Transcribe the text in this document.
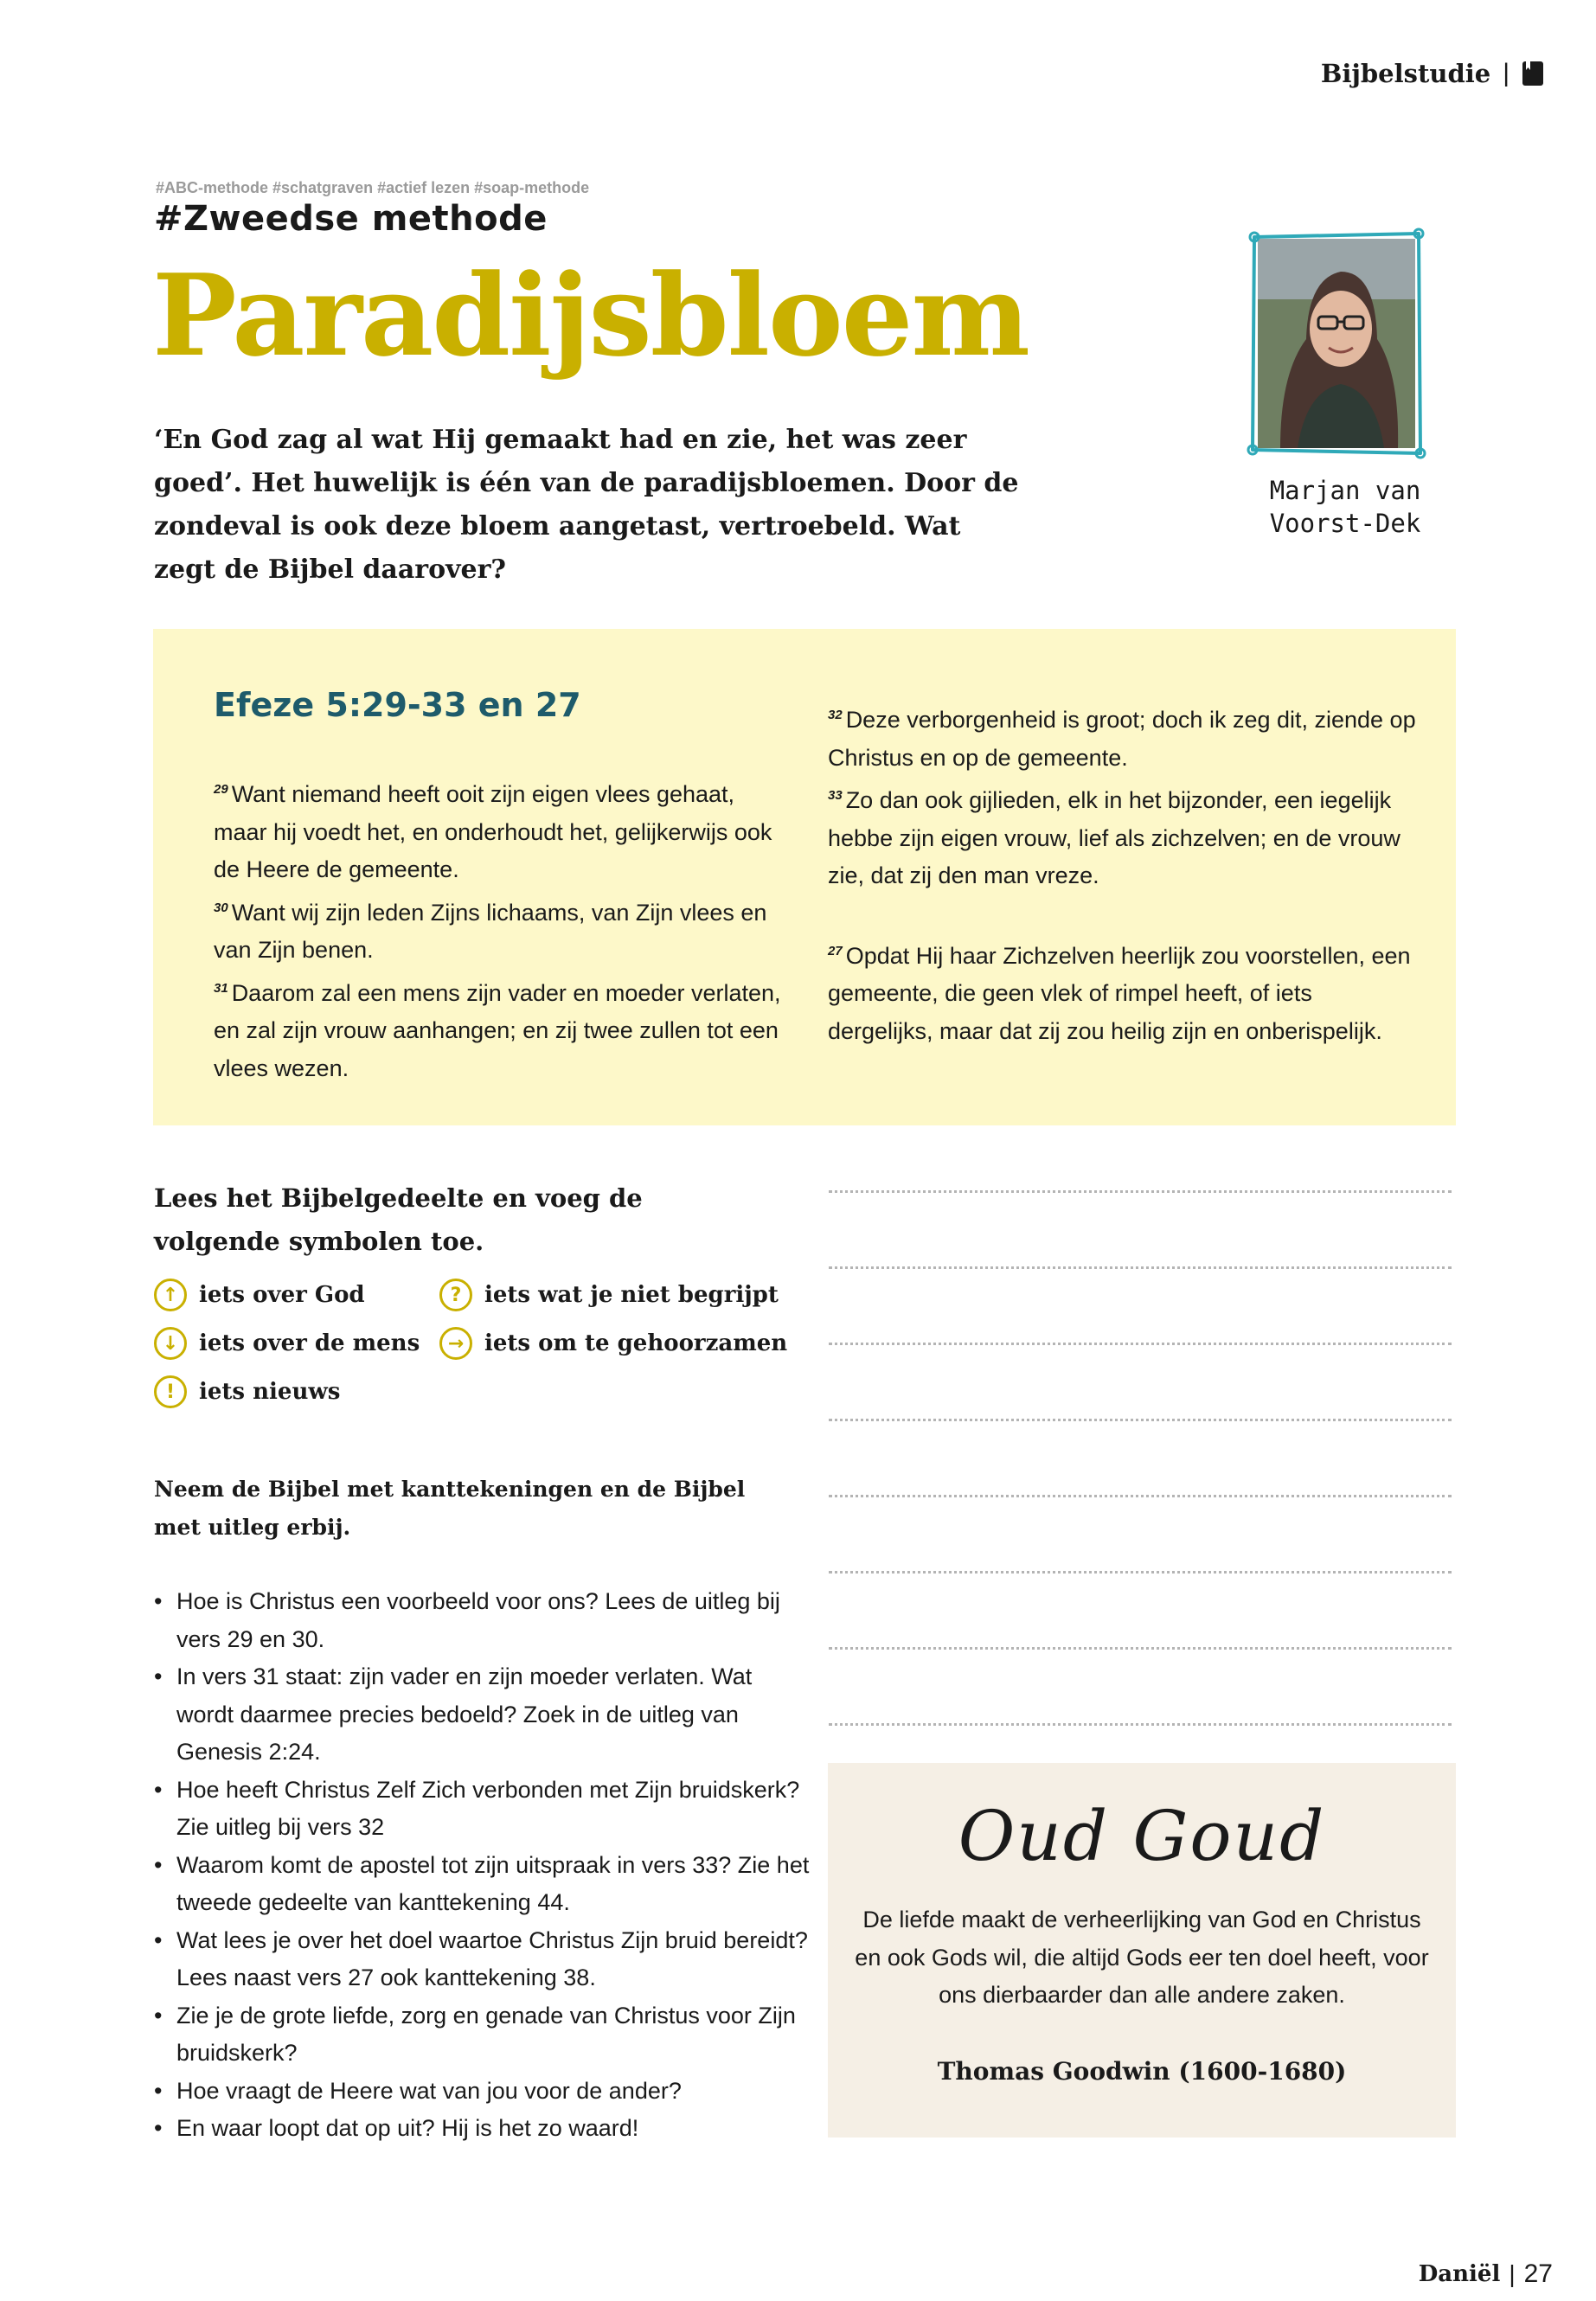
Bijbelstudie |
#ABC-methode #schatgraven #actief lezen #soap-methode
#Zweedse methode
Paradijsbloem
‘En God zag al wat Hij gemaakt had en zie, het was zeer goed’. Het huwelijk is één van de paradijsbloemen. Door de zondeval is ook deze bloem aangetast, vertroebeld. Wat zegt de Bijbel daarover?
Marjan van
Voorst-Dek
Efeze 5:29-33 en 27
$^{29}$ Want niemand heeft ooit zijn eigen vlees gehaat, maar hij voedt het, en onderhoudt het, gelijkerwijs ook de Heere de gemeente.
$^{30}$ Want wij zijn leden Zijns lichaams, van Zijn vlees en van Zijn benen.
$^{31}$ Daarom zal een mens zijn vader en moeder verlaten, en zal zijn vrouw aanhangen; en zij twee zullen tot een vlees wezen.
$^{32}$ Deze verborgenheid is groot; doch ik zeg dit, ziende op Christus en op de gemeente.
$^{33}$ Zo dan ook gijlieden, elk in het bijzonder, een iegelijk hebbe zijn eigen vrouw, lief als zichzelven; en de vrouw zie, dat zij den man vreze.
$^{27}$ Opdat Hij haar Zichzelven heerlijk zou voorstellen, een gemeente, die geen vlek of rimpel heeft, of iets dergelijks, maar dat zij zou heilig zijn en onberispelijk.
Lees het Bijbelgedeelte en voeg de volgende symbolen toe.
↑ iets over God	?	iets wat je niet begrijpt
↓ iets over de mens	→ iets om te gehoorzamen
!	iets nieuws
Neem de Bijbel met kanttekeningen en de Bijbel met uitleg erbij.
• Hoe is Christus een voorbeeld voor ons? Lees de uitleg bij vers 29 en 30.
• In vers 31 staat: zijn vader en zijn moeder verlaten. Wat wordt daarmee precies bedoeld? Zoek in de uitleg van Genesis 2:24.
• Hoe heeft Christus Zelf Zich verbonden met Zijn bruidskerk? Zie uitleg bij vers 32
• Waarom komt de apostel tot zijn uitspraak in vers 33? Zie het tweede gedeelte van kanttekening 44.
• Wat lees je over het doel waartoe Christus Zijn bruid bereidt? Lees naast vers 27 ook kanttekening 38.
• Zie je de grote liefde, zorg en genade van Christus voor Zijn bruidskerk?
• Hoe vraagt de Heere wat van jou voor de ander?
• En waar loopt dat op uit? Hij is het zo waard!
Oud Goud
De liefde maakt de verheerlijking van God en Christus en ook Gods wil, die altijd Gods eer ten doel heeft, voor ons dierbaarder dan alle andere zaken.
Thomas Goodwin (1600-1680)
Daniël | 27
